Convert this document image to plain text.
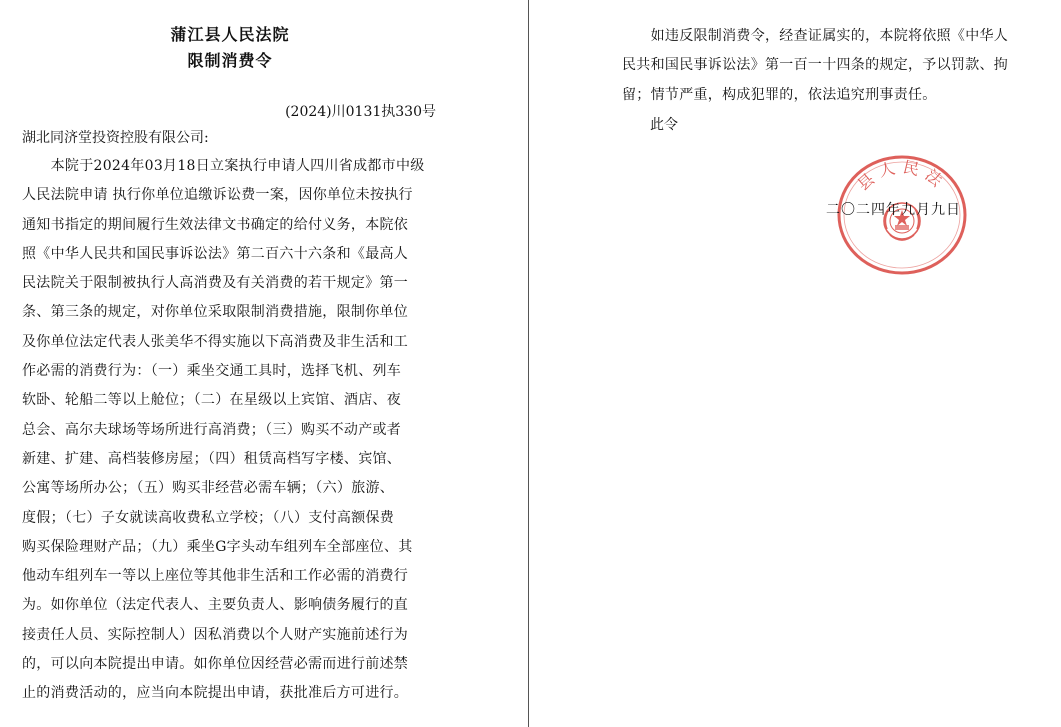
蒲江县人民法院
限制消费令
(2024)川0131执330号
湖北同济堂投资控股有限公司:
　　本院于2024年03月18日立案执行申请人四川省成都市中级
人民法院申请 执行你单位追缴诉讼费一案，因你单位未按执行
通知书指定的期间履行生效法律文书确定的给付义务，本院依
照《中华人民共和国民事诉讼法》第二百六十六条和《最高人
民法院关于限制被执行人高消费及有关消费的若干规定》第一
条、第三条的规定，对你单位采取限制消费措施，限制你单位
及你单位法定代表人张美华不得实施以下高消费及非生活和工
作必需的消费行为：（一）乘坐交通工具时，选择飞机、列车
软卧、轮船二等以上舱位；（二）在星级以上宾馆、酒店、夜
总会、高尔夫球场等场所进行高消费；（三）购买不动产或者
新建、扩建、高档装修房屋；（四）租赁高档写字楼、宾馆、
公寓等场所办公；（五）购买非经营必需车辆；（六）旅游、
度假；（七）子女就读高收费私立学校；（八）支付高额保费
购买保险理财产品；（九）乘坐G字头动车组列车全部座位、其
他动车组列车一等以上座位等其他非生活和工作必需的消费行
为。如你单位（法定代表人、主要负责人、影响债务履行的直
接责任人员、实际控制人）因私消费以个人财产实施前述行为
的，可以向本院提出申请。如你单位因经营必需而进行前述禁
止的消费活动的，应当向本院提出申请，获批准后方可进行。
　　如违反限制消费令，经查证属实的，本院将依照《中华人
民共和国民事诉讼法》第一百一十四条的规定，予以罚款、拘
留；情节严重，构成犯罪的，依法追究刑事责任。
此令
县人民法
二〇二四年九月九日
